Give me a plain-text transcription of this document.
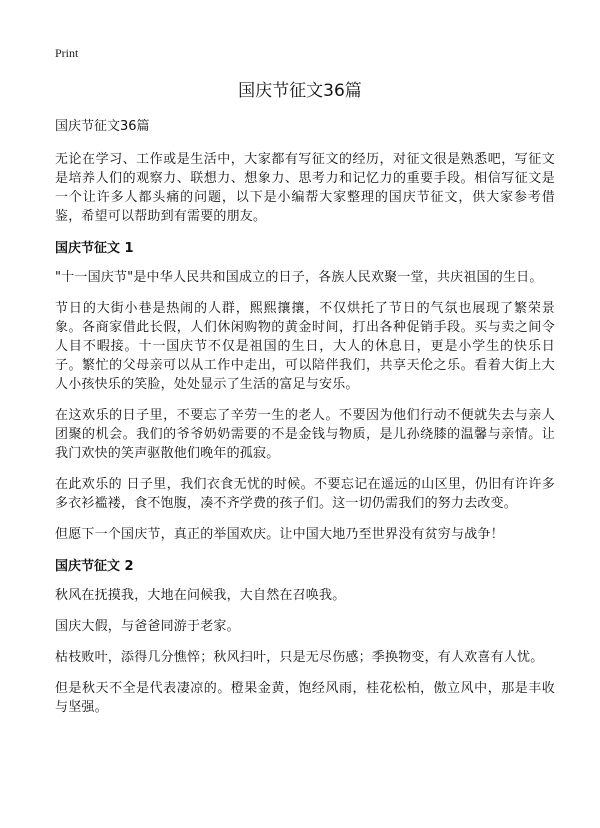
Print
国庆节征文36篇

国庆节征文36篇

无论在学习、工作或是生活中，大家都有写征文的经历，对征文很是熟悉吧，写征文是培养人们的观察力、联想力、想象力、思考力和记忆力的重要手段。相信写征文是一个让许多人都头痛的问题，以下是小编帮大家整理的国庆节征文，供大家参考借鉴，希望可以帮助到有需要的朋友。

国庆节征文 1

"十一国庆节"是中华人民共和国成立的日子，各族人民欢聚一堂，共庆祖国的生日。

节日的大街小巷是热闹的人群，熙熙攘攘，不仅烘托了节日的气氛也展现了繁荣景象。各商家借此长假，人们休闲购物的黄金时间，打出各种促销手段。买与卖之间令人目不暇接。十一国庆节不仅是祖国的生日，大人的休息日，更是小学生的快乐日子。繁忙的父母亲可以从工作中走出，可以陪伴我们，共享天伦之乐。看着大街上大人小孩快乐的笑脸，处处显示了生活的富足与安乐。

在这欢乐的日子里，不要忘了辛劳一生的老人。不要因为他们行动不便就失去与亲人团聚的机会。我们的爷爷奶奶需要的不是金钱与物质，是儿孙绕膝的温馨与亲情。让我门欢快的笑声驱散他们晚年的孤寂。

在此欢乐的 日子里，我们衣食无忧的时候。不要忘记在遥远的山区里，仍旧有许许多多衣衫褴褛，食不饱腹，凑不齐学费的孩子们。这一切仍需我们的努力去改变。

但愿下一个国庆节，真正的举国欢庆。让中国大地乃至世界没有贫穷与战争！

国庆节征文 2

秋风在抚摸我，大地在问候我，大自然在召唤我。

国庆大假，与爸爸同游于老家。

枯枝败叶，添得几分憔悴；秋风扫叶，只是无尽伤感；季换物变，有人欢喜有人忧。

但是秋天不全是代表凄凉的。橙果金黄，饱经风雨，桂花松柏，傲立风中，那是丰收与坚强。
